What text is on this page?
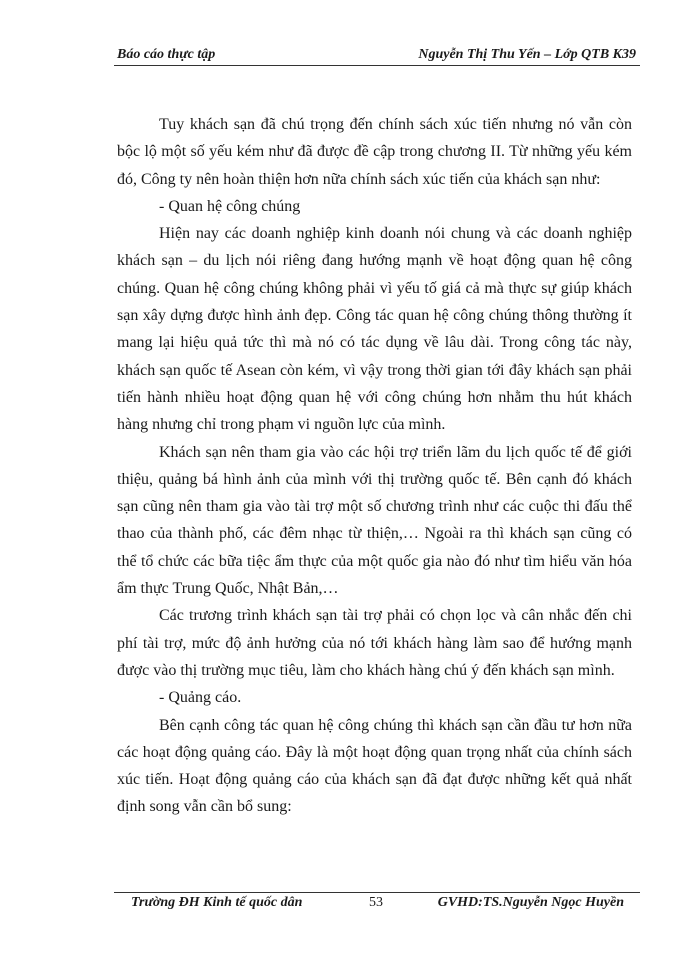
Báo cáo thực tập	Nguyễn Thị Thu Yến – Lớp QTB K39

Tuy khách sạn đã chú trọng đến chính sách xúc tiến nhưng nó vẫn còn bộc lộ một số yếu kém như đã được đề cập trong chương II. Từ những yếu kém đó, Công ty nên hoàn thiện hơn nữa chính sách xúc tiến của khách sạn như:

- Quan hệ công chúng

Hiện nay các doanh nghiệp kinh doanh nói chung và các doanh nghiệp khách sạn – du lịch nói riêng đang hướng mạnh về hoạt động quan hệ công chúng. Quan hệ công chúng không phải vì yếu tố giá cả mà thực sự giúp khách sạn xây dựng được hình ảnh đẹp. Công tác quan hệ công chúng thông thường ít mang lại hiệu quả tức thì mà nó có tác dụng về lâu dài. Trong công tác này, khách sạn quốc tế Asean còn kém, vì vậy trong thời gian tới đây khách sạn phải tiến hành nhiều hoạt động quan hệ với công chúng hơn nhằm thu hút khách hàng nhưng chỉ trong phạm vi nguồn lực của mình.

Khách sạn nên tham gia vào các hội trợ triển lãm du lịch quốc tế để giới thiệu, quảng bá hình ảnh của mình với thị trường quốc tế. Bên cạnh đó khách sạn cũng nên tham gia vào tài trợ một số chương trình như các cuộc thi đấu thể thao của thành phố, các đêm nhạc từ thiện,… Ngoài ra thì khách sạn cũng có thể tổ chức các bữa tiệc ẩm thực của một quốc gia nào đó như tìm hiểu văn hóa ẩm thực Trung Quốc, Nhật Bản,…

Các trương trình khách sạn tài trợ phải có chọn lọc và cân nhắc đến chi phí tài trợ, mức độ ảnh hưởng của nó tới khách hàng làm sao để hướng mạnh được vào thị trường mục tiêu, làm cho khách hàng chú ý đến khách sạn mình.

- Quảng cáo.

Bên cạnh công tác quan hệ công chúng thì khách sạn cần đầu tư hơn nữa các hoạt động quảng cáo. Đây là một hoạt động quan trọng nhất của chính sách xúc tiến. Hoạt động quảng cáo của khách sạn đã đạt được những kết quả nhất định song vẫn cần bổ sung:

Trường ĐH Kinh tế quốc dân	53	GVHD:TS.Nguyễn Ngọc Huyền
